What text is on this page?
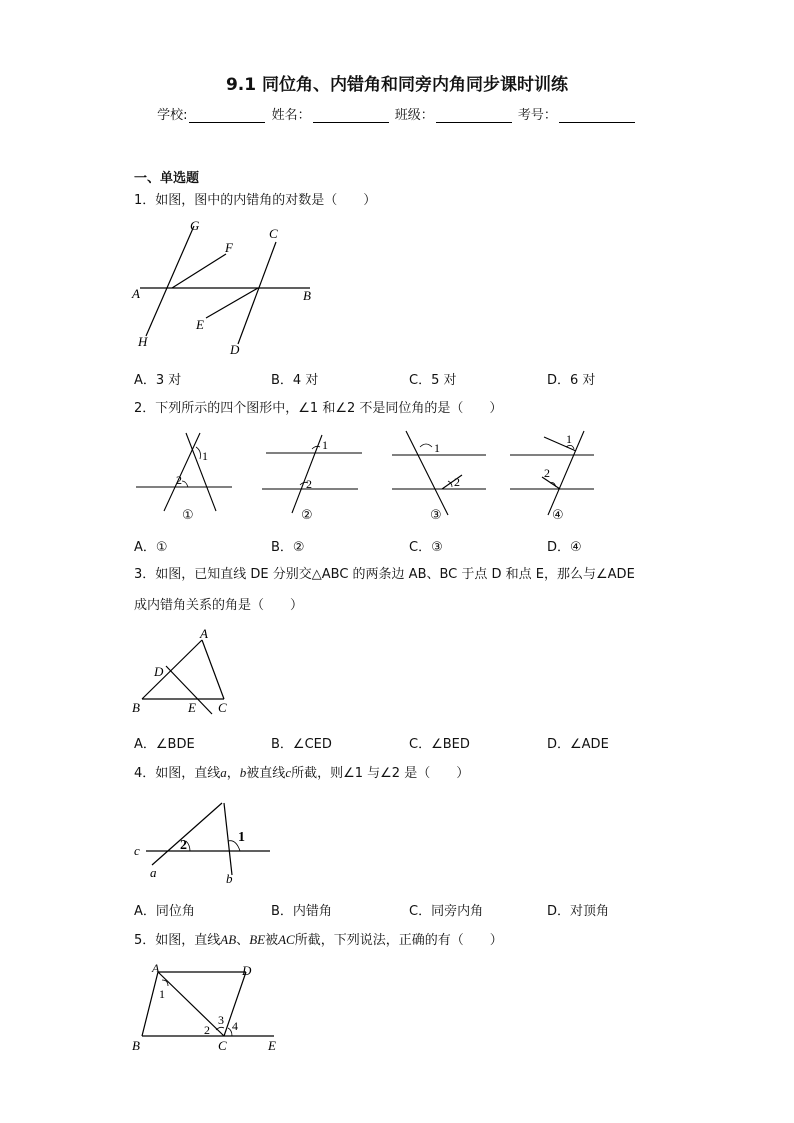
9.1 同位角、内错角和同旁内角同步课时训练
学校:	姓名：	班级：	考号：
一、单选题
1．如图，图中的内错角的对数是（　　）
G
F
C
A	B
E
H
D
A．3 对	B．4 对	C．5 对	D．6 对
2．下列所示的四个图形中，∠1 和∠2 不是同位角的是（　　）
1
2
1
2
1
2
1
2
①	②	③	④
A．①	B．②	C．③	D．④
3．如图，已知直线 DE 分别交△ABC 的两条边 AB、BC 于点 D 和点 E，那么与∠ADE
成内错角关系的角是（　　）
A
D
B	E C
A．∠BDE	B．∠CED	C．∠BED	D．∠ADE
4．如图，直线a，b被直线c所截，则∠1 与∠2 是（　　）
c
a	b
1
2
A．同位角	B．内错角	C．同旁内角	D．对顶角
5．如图，直线AB、BE被AC所截，下列说法，正确的有（　　）
A	D
1
3
2 4
B	C	E
